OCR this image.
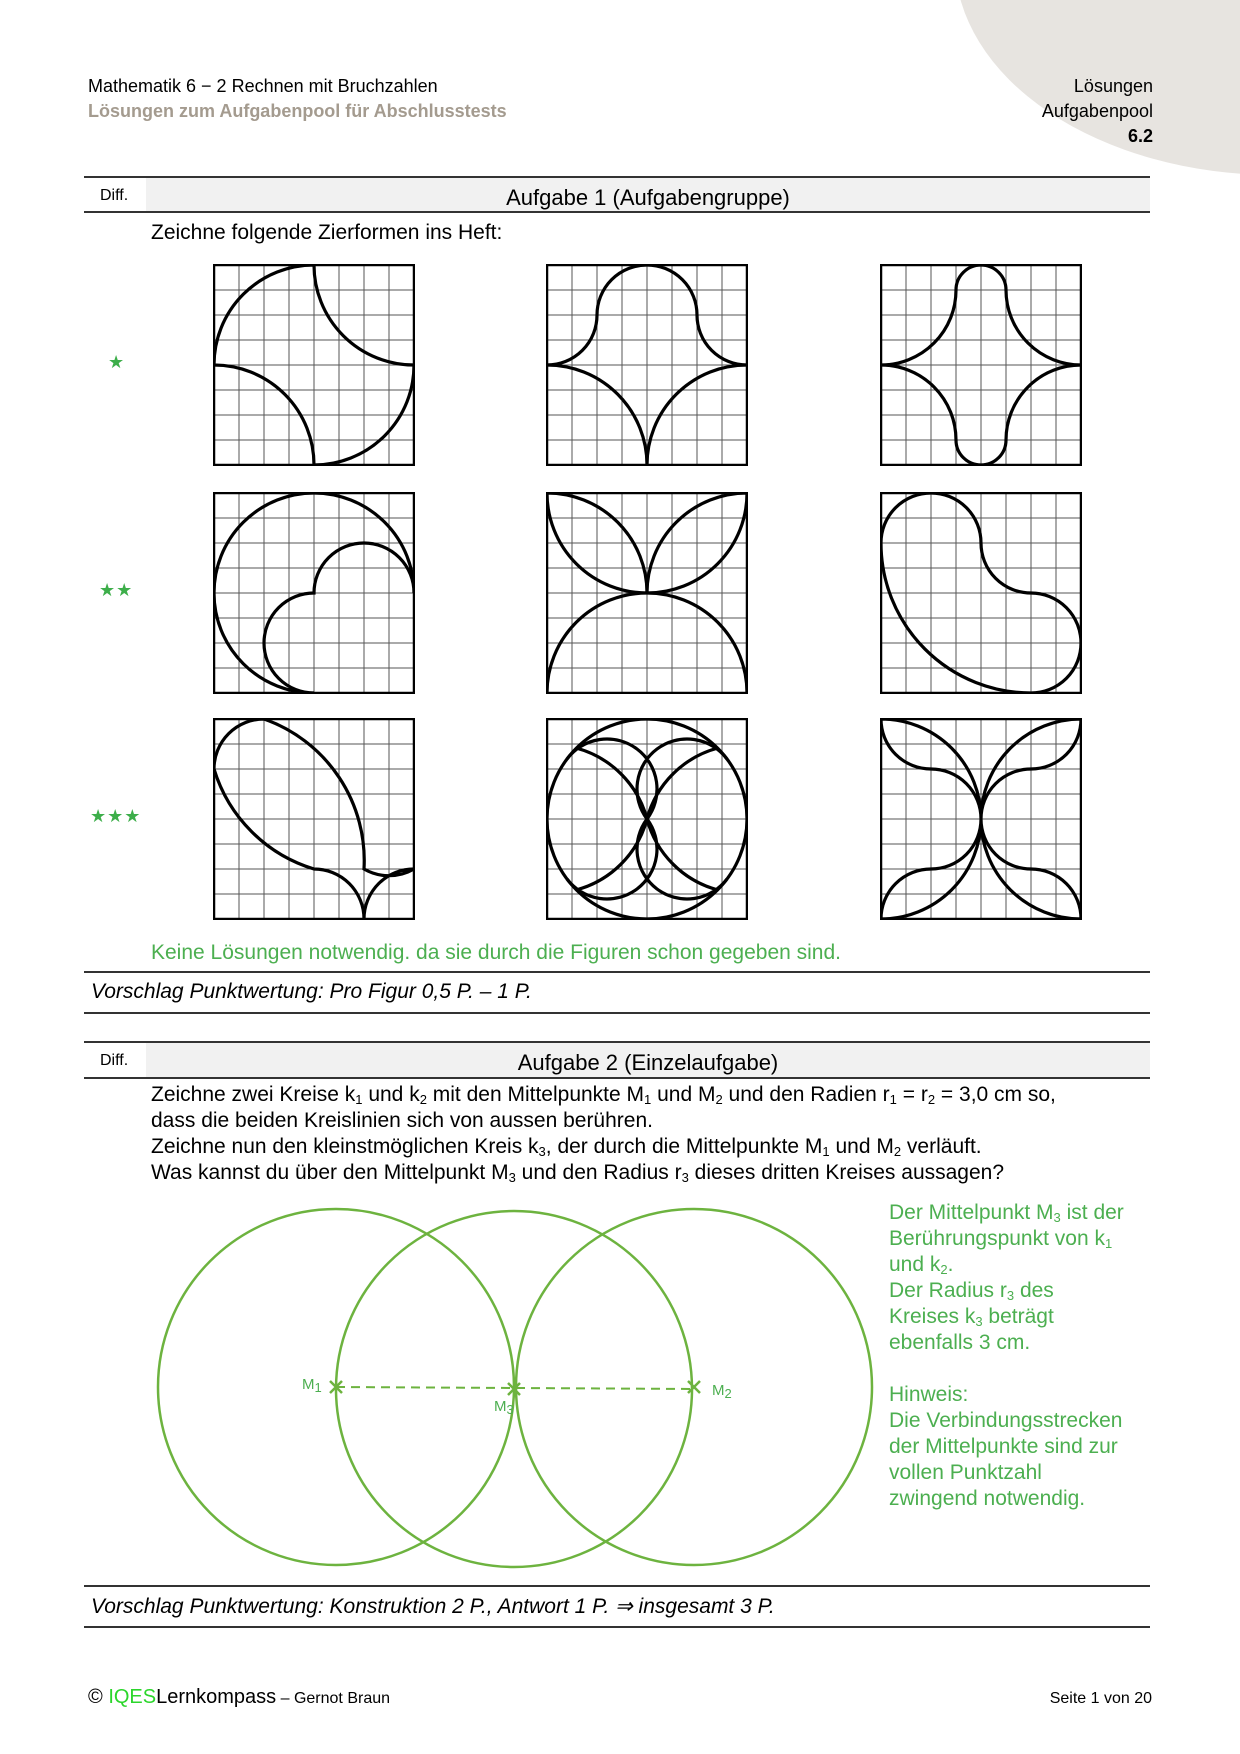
Mathematik 6 − 2 Rechnen mit Bruchzahlen
Lösungen zum Aufgabenpool für Abschlusstests
Lösungen
Aufgabenpool
6.2
Diff.	Aufgabe 1 (Aufgabengruppe)
Zeichne folgende Zierformen ins Heft:
★
★★
★★★
Keine Lösungen notwendig. da sie durch die Figuren schon gegeben sind.
Vorschlag Punktwertung: Pro Figur 0,5 P. – 1 P.
Diff.	Aufgabe 2 (Einzelaufgabe)
Zeichne zwei Kreise $k_1$ und $k_2$ mit den Mittelpunkte $M_1$ und $M_2$ und den Radien $r_1 = r_2 = 3,0$ cm so,
dass die beiden Kreislinien sich von aussen berühren.
Zeichne nun den kleinstmöglichen Kreis $k_3$, der durch die Mittelpunkte $M_1$ und $M_2$ verläuft.
Was kannst du über den Mittelpunkt $M_3$ und den Radius $r_3$ dieses dritten Kreises aussagen?
$M_1$
$M_3$
$M_2$
Der Mittelpunkt $M_3$ ist der
Berührungspunkt von $k_1$
und $k_2$.
Der Radius $r_3$ des
Kreises $k_3$ beträgt
ebenfalls 3 cm.
Hinweis:
Die Verbindungsstrecken
der Mittelpunkte sind zur
vollen Punktzahl
zwingend notwendig.
Vorschlag Punktwertung: Konstruktion 2 P., Antwort 1 P. ⇒ insgesamt 3 P.
© IQESLernkompass – Gernot Braun	Seite 1 von 20
